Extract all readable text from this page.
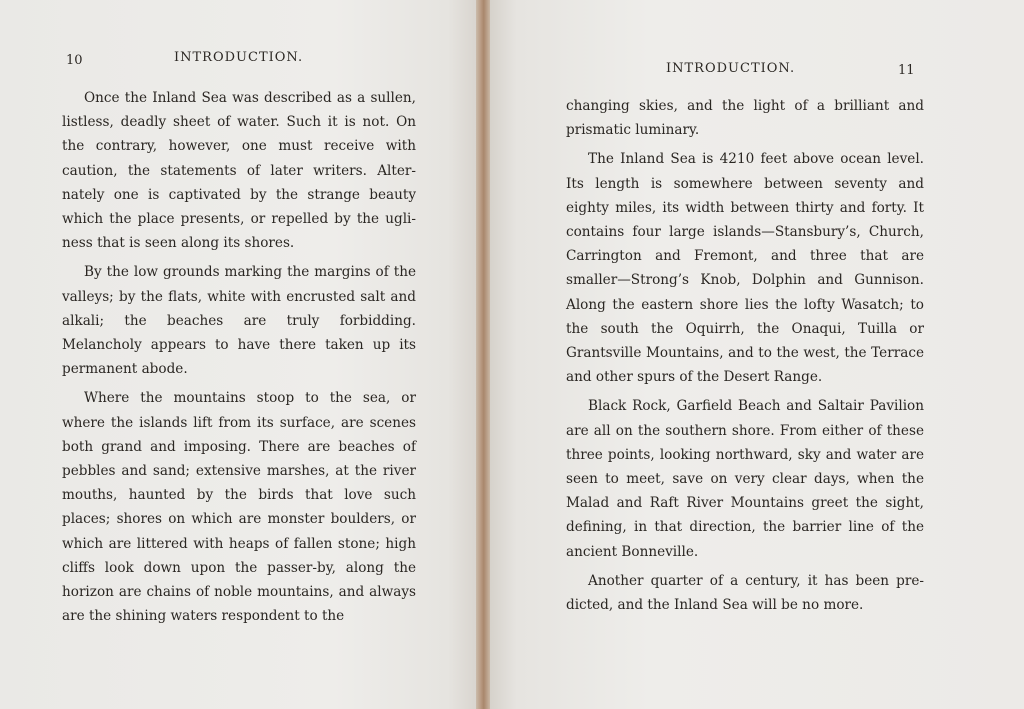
10	INTRODUCTION.

Once the Inland Sea was described as a sullen, listless, deadly sheet of water. Such it is not. On the contrary, however, one must receive with caution, the statements of later writers. Alternately one is captivated by the strange beauty which the place presents, or repelled by the ugliness that is seen along its shores.

By the low grounds marking the margins of the valleys; by the flats, white with encrusted salt and alkali; the beaches are truly forbidding. Melancholy appears to have there taken up its permanent abode.

Where the mountains stoop to the sea, or where the islands lift from its surface, are scenes both grand and imposing. There are beaches of pebbles and sand; extensive marshes, at the river mouths, haunted by the birds that love such places; shores on which are monster boulders, or which are littered with heaps of fallen stone; high cliffs look down upon the passer-by, along the horizon are chains of noble mountains, and always are the shining waters respondent to the

INTRODUCTION.	11

changing skies, and the light of a brilliant and prismatic luminary.

The Inland Sea is 4210 feet above ocean level. Its length is somewhere between seventy and eighty miles, its width between thirty and forty. It contains four large islands—Stansbury’s, Church, Carrington and Fremont, and three that are smaller—Strong’s Knob, Dolphin and Gunnison. Along the eastern shore lies the lofty Wasatch; to the south the Oquirrh, the Onaqui, Tuilla or Grantsville Mountains, and to the west, the Terrace and other spurs of the Desert Range.

Black Rock, Garfield Beach and Saltair Pavilion are all on the southern shore. From either of these three points, looking northward, sky and water are seen to meet, save on very clear days, when the Malad and Raft River Mountains greet the sight, defining, in that direction, the barrier line of the ancient Bonneville.

Another quarter of a century, it has been predicted, and the Inland Sea will be no more.
